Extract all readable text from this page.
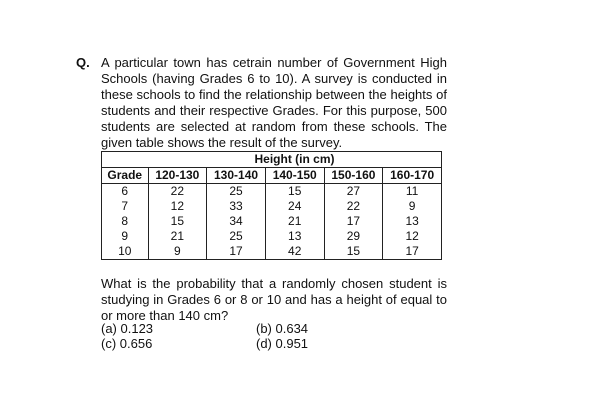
Q. A particular town has cetrain number of Government High Schools (having Grades 6 to 10). A survey is conducted in these schools to find the relationship between the heights of students and their respective Grades. For this purpose, 500 students are selected at random from these schools. The given table shows the result of the survey.

	Height (in cm)				
Grade	120-130	130-140	140-150	150-160	160-170
6	22	25	15	27	11
7	12	33	24	22	9
8	15	34	21	17	13
9	21	25	13	29	12
10	9	17	42	15	17

What is the probability that a randomly chosen student is studying in Grades 6 or 8 or 10 and has a height of equal to or more than 140 cm?

(a) 0.123	(b) 0.634
(c) 0.656	(d) 0.951
